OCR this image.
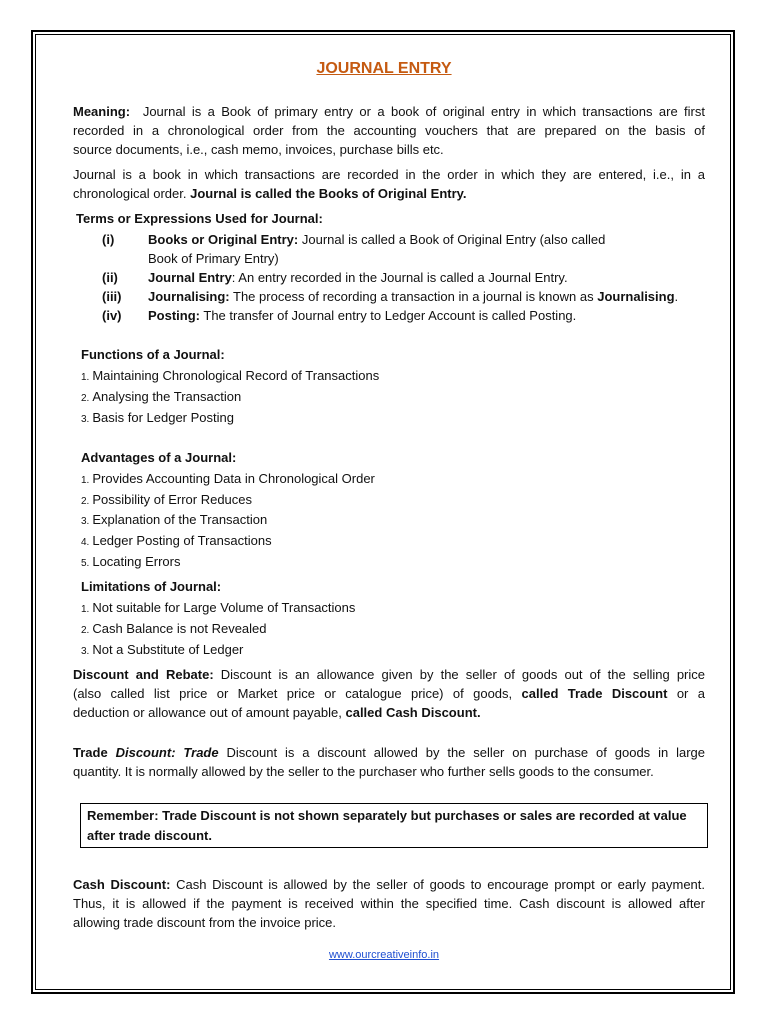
JOURNAL ENTRY
Meaning: Journal is a Book of primary entry or a book of original entry in which transactions are first
recorded in a chronological order from the accounting vouchers that are prepared on the basis of
source documents, i.e., cash memo, invoices, purchase bills etc.
Journal is a book in which transactions are recorded in the order in which they are entered, i.e., in a
chronological order. Journal is called the Books of Original Entry.
Terms or Expressions Used for Journal:
(i)	Books or Original Entry: Journal is called a Book of Original Entry (also called
Book of Primary Entry)
(ii) Journal Entry: An entry recorded in the Journal is called a Journal Entry.
(iii) Journalising: The process of recording a transaction in a journal is known as Journalising.
(iv) Posting: The transfer of Journal entry to Ledger Account is called Posting.
Functions of a Journal:
1. Maintaining Chronological Record of Transactions
2. Analysing the Transaction
3. Basis for Ledger Posting
Advantages of a Journal:
1. Provides Accounting Data in Chronological Order
2. Possibility of Error Reduces
3. Explanation of the Transaction
4. Ledger Posting of Transactions
5. Locating Errors
Limitations of Journal:
1. Not suitable for Large Volume of Transactions
2. Cash Balance is not Revealed
3. Not a Substitute of Ledger
Discount and Rebate: Discount is an allowance given by the seller of goods out of the selling price
(also called list price or Market price or catalogue price) of goods, called Trade Discount or a
deduction or allowance out of amount payable, called Cash Discount.
Trade Discount: Trade Discount is a discount allowed by the seller on purchase of goods in large
quantity. It is normally allowed by the seller to the purchaser who further sells goods to the consumer.
Remember: Trade Discount is not shown separately but purchases or sales are recorded at value
after trade discount.
Cash Discount: Cash Discount is allowed by the seller of goods to encourage prompt or early payment.
Thus, it is allowed if the payment is received within the specified time. Cash discount is allowed after
allowing trade discount from the invoice price.
www.ourcreativeinfo.in
